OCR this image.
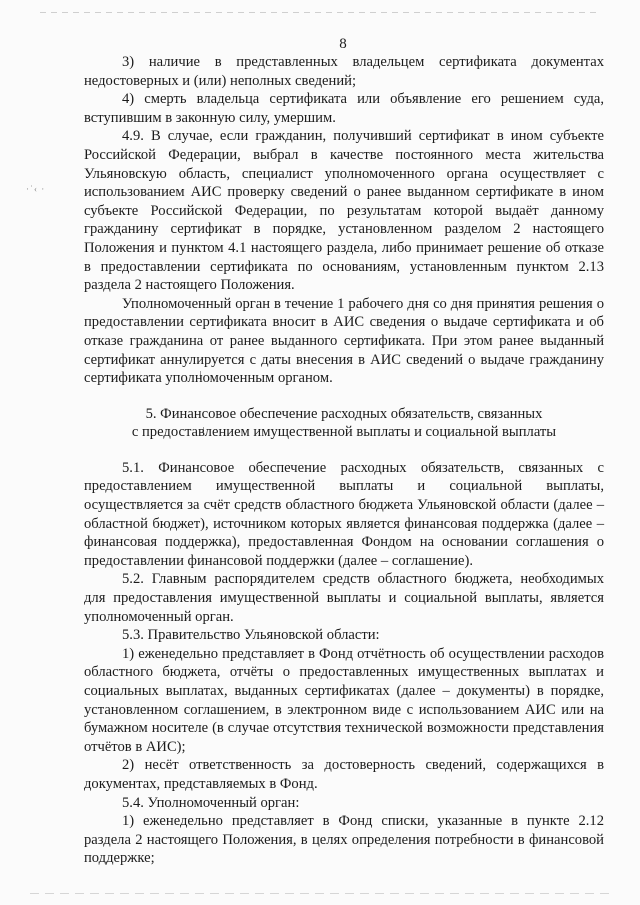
8
·˙‹ ·

3) наличие в представленных владельцем сертификата документах недостоверных и (или) неполных сведений;

4) смерть владельца сертификата или объявление его решением суда, вступившим в законную силу, умершим.

4.9. В случае, если гражданин, получивший сертификат в ином субъекте Российской Федерации, выбрал в качестве постоянного места жительства Ульяновскую область, специалист уполномоченного органа осуществляет с использованием АИС проверку сведений о ранее выданном сертификате в ином субъекте Российской Федерации, по результатам которой выдаёт данному гражданину сертификат в порядке, установленном разделом 2 настоящего Положения и пунктом 4.1 настоящего раздела, либо принимает решение об отказе в предоставлении сертификата по основаниям, установленным пунктом 2.13 раздела 2 настоящего Положения.

Уполномоченный орган в течение 1 рабочего дня со дня принятия решения о предоставлении сертификата вносит в АИС сведения о выдаче сертификата и об отказе гражданина от ранее выданного сертификата. При этом ранее выданный сертификат аннулируется с даты внесения в АИС сведений о выдаче гражданину сертификата уполномоченным органом.

5. Финансовое обеспечение расходных обязательств, связанных

с предоставлением имущественной выплаты и социальной выплаты

5.1. Финансовое обеспечение расходных обязательств, связанных с предоставлением имущественной выплаты и социальной выплаты, осуществляется за счёт средств областного бюджета Ульяновской области (далее – областной бюджет), источником которых является финансовая поддержка (далее – финансовая поддержка), предоставленная Фондом на основании соглашения о предоставлении финансовой поддержки (далее – соглашение).

5.2. Главным распорядителем средств областного бюджета, необходимых для предоставления имущественной выплаты и социальной выплаты, является уполномоченный орган.

5.3. Правительство Ульяновской области:

1) еженедельно представляет в Фонд отчётность об осуществлении расходов областного бюджета, отчёты о предоставленных имущественных выплатах и социальных выплатах, выданных сертификатах (далее – документы) в порядке, установленном соглашением, в электронном виде с использованием АИС или на бумажном носителе (в случае отсутствия технической возможности представления отчётов в АИС);

2) несёт ответственность за достоверность сведений, содержащихся в документах, представляемых в Фонд.

5.4. Уполномоченный орган:

1) еженедельно представляет в Фонд списки, указанные в пункте 2.12 раздела 2 настоящего Положения, в целях определения потребности в финансовой поддержке;
